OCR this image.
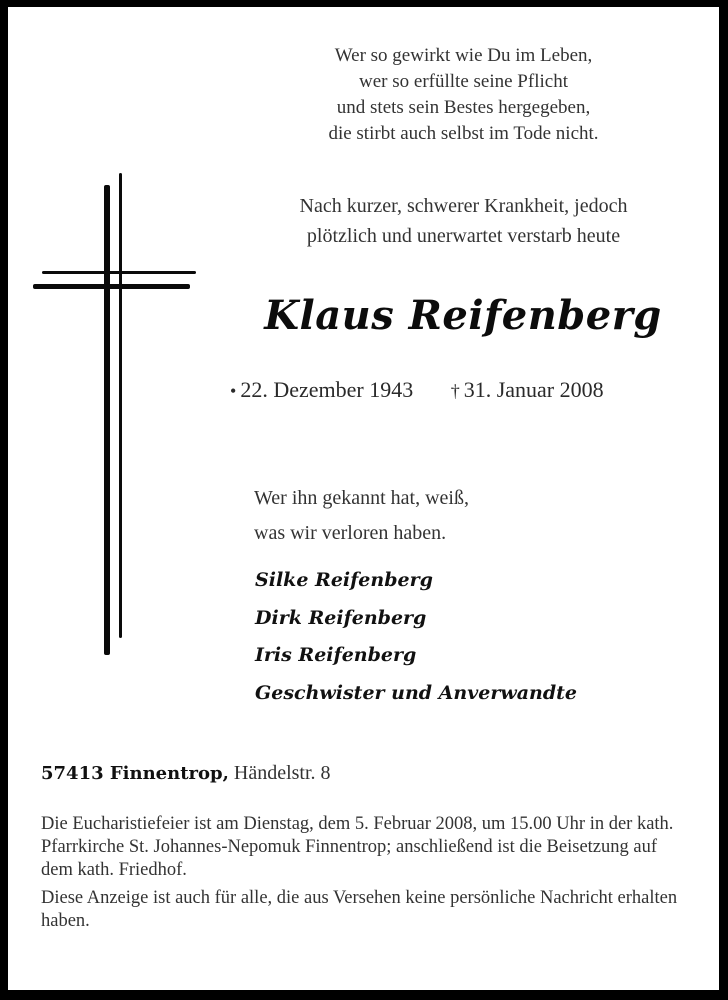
Wer so gewirkt wie Du im Leben,
wer so erfüllte seine Pflicht
und stets sein Bestes hergegeben,
die stirbt auch selbst im Tode nicht.
Nach kurzer, schwerer Krankheit, jedoch
plötzlich und unerwartet verstarb heute
Klaus Reifenberg
• 22. Dezember 1943 † 31. Januar 2008
Wer ihn gekannt hat, weiß,
was wir verloren haben.
Silke Reifenberg
Dirk Reifenberg
Iris Reifenberg
Geschwister und Anverwandte
57413 Finnentrop, Händelstr. 8

Die Eucharistiefeier ist am Dienstag, dem 5. Februar 2008, um 15.00 Uhr in der kath. Pfarrkirche St. Johannes-Nepomuk Finnentrop; anschließend ist die Beisetzung auf dem kath. Friedhof.

Diese Anzeige ist auch für alle, die aus Versehen keine persönliche Nachricht erhalten haben.
